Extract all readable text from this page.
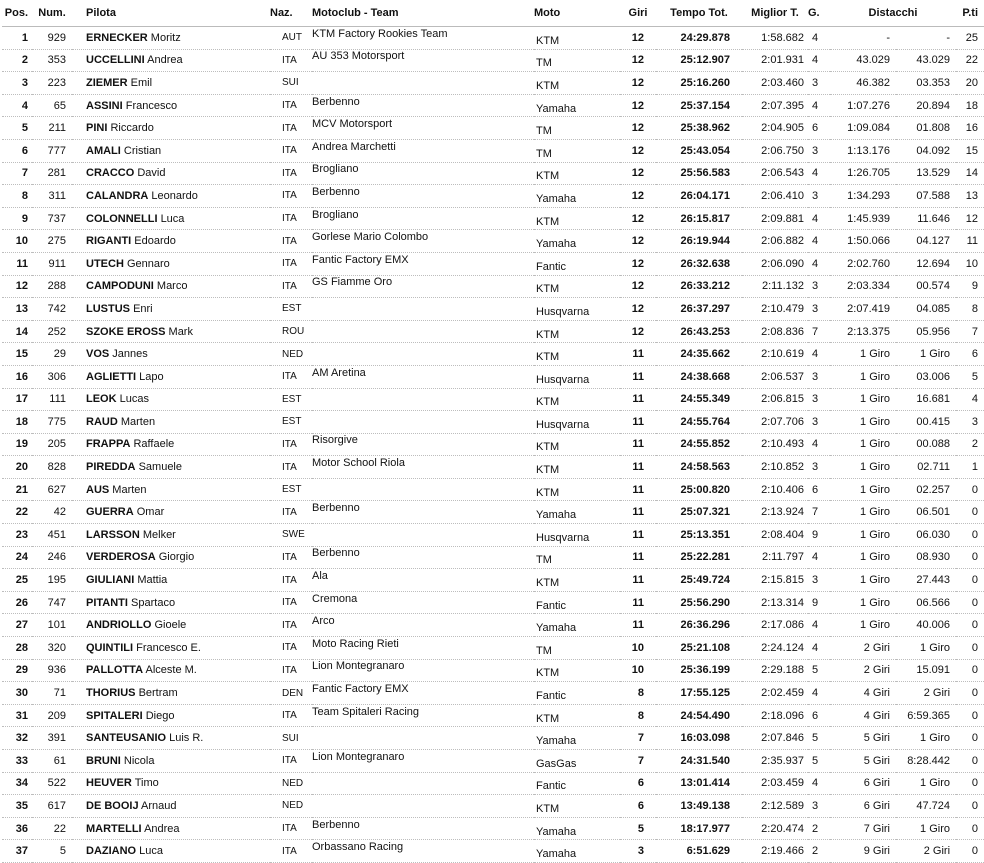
Pos.	Num.	Pilota	Naz.	Motoclub - Team	Moto	Giri	Tempo Tot.	Miglior T.	G.	Distacchi		P.ti
1	929	ERNECKER Moritz	AUT	KTM Factory Rookies Team	KTM	12	24:29.878	1:58.682	4	-	-	25
2	353	UCCELLINI Andrea	ITA	AU 353 Motorsport	TM	12	25:12.907	2:01.931	4	43.029	43.029	22
3	223	ZIEMER Emil	SUI		KTM	12	25:16.260	2:03.460	3	46.382	03.353	20
4	65	ASSINI Francesco	ITA	Berbenno	Yamaha	12	25:37.154	2:07.395	4	1:07.276	20.894	18
5	211	PINI Riccardo	ITA	MCV Motorsport	TM	12	25:38.962	2:04.905	6	1:09.084	01.808	16
6	777	AMALI Cristian	ITA	Andrea Marchetti	TM	12	25:43.054	2:06.750	3	1:13.176	04.092	15
7	281	CRACCO David	ITA	Brogliano	KTM	12	25:56.583	2:06.543	4	1:26.705	13.529	14
8	311	CALANDRA Leonardo	ITA	Berbenno	Yamaha	12	26:04.171	2:06.410	3	1:34.293	07.588	13
9	737	COLONNELLI Luca	ITA	Brogliano	KTM	12	26:15.817	2:09.881	4	1:45.939	11.646	12
10	275	RIGANTI Edoardo	ITA	Gorlese Mario Colombo	Yamaha	12	26:19.944	2:06.882	4	1:50.066	04.127	11
11	911	UTECH Gennaro	ITA	Fantic Factory EMX	Fantic	12	26:32.638	2:06.090	4	2:02.760	12.694	10
12	288	CAMPODUNI Marco	ITA	GS Fiamme Oro	KTM	12	26:33.212	2:11.132	3	2:03.334	00.574	9
13	742	LUSTUS Enri	EST		Husqvarna	12	26:37.297	2:10.479	3	2:07.419	04.085	8
14	252	SZOKE EROSS Mark	ROU		KTM	12	26:43.253	2:08.836	7	2:13.375	05.956	7
15	29	VOS Jannes	NED		KTM	11	24:35.662	2:10.619	4	1 Giro	1 Giro	6
16	306	AGLIETTI Lapo	ITA	AM Aretina	Husqvarna	11	24:38.668	2:06.537	3	1 Giro	03.006	5
17	111	LEOK Lucas	EST		KTM	11	24:55.349	2:06.815	3	1 Giro	16.681	4
18	775	RAUD Marten	EST		Husqvarna	11	24:55.764	2:07.706	3	1 Giro	00.415	3
19	205	FRAPPA Raffaele	ITA	Risorgive	KTM	11	24:55.852	2:10.493	4	1 Giro	00.088	2
20	828	PIREDDA Samuele	ITA	Motor School Riola	KTM	11	24:58.563	2:10.852	3	1 Giro	02.711	1
21	627	AUS Marten	EST		KTM	11	25:00.820	2:10.406	6	1 Giro	02.257	0
22	42	GUERRA Omar	ITA	Berbenno	Yamaha	11	25:07.321	2:13.924	7	1 Giro	06.501	0
23	451	LARSSON Melker	SWE		Husqvarna	11	25:13.351	2:08.404	9	1 Giro	06.030	0
24	246	VERDEROSA Giorgio	ITA	Berbenno	TM	11	25:22.281	2:11.797	4	1 Giro	08.930	0
25	195	GIULIANI Mattia	ITA	Ala	KTM	11	25:49.724	2:15.815	3	1 Giro	27.443	0
26	747	PITANTI Spartaco	ITA	Cremona	Fantic	11	25:56.290	2:13.314	9	1 Giro	06.566	0
27	101	ANDRIOLLO Gioele	ITA	Arco	Yamaha	11	26:36.296	2:17.086	4	1 Giro	40.006	0
28	320	QUINTILI Francesco E.	ITA	Moto Racing Rieti	TM	10	25:21.108	2:24.124	4	2 Giri	1 Giro	0
29	936	PALLOTTA Alceste M.	ITA	Lion Montegranaro	KTM	10	25:36.199	2:29.188	5	2 Giri	15.091	0
30	71	THORIUS Bertram	DEN	Fantic Factory EMX	Fantic	8	17:55.125	2:02.459	4	4 Giri	2 Giri	0
31	209	SPITALERI Diego	ITA	Team Spitaleri Racing	KTM	8	24:54.490	2:18.096	6	4 Giri	6:59.365	0
32	391	SANTEUSANIO Luis R.	SUI		Yamaha	7	16:03.098	2:07.846	5	5 Giri	1 Giro	0
33	61	BRUNI Nicola	ITA	Lion Montegranaro	GasGas	7	24:31.540	2:35.937	5	5 Giri	8:28.442	0
34	522	HEUVER Timo	NED		Fantic	6	13:01.414	2:03.459	4	6 Giri	1 Giro	0
35	617	DE BOOIJ Arnaud	NED		KTM	6	13:49.138	2:12.589	3	6 Giri	47.724	0
36	22	MARTELLI Andrea	ITA	Berbenno	Yamaha	5	18:17.977	2:20.474	2	7 Giri	1 Giro	0
37	5	DAZIANO Luca	ITA	Orbassano Racing	Yamaha	3	6:51.629	2:19.466	2	9 Giri	2 Giri	0
